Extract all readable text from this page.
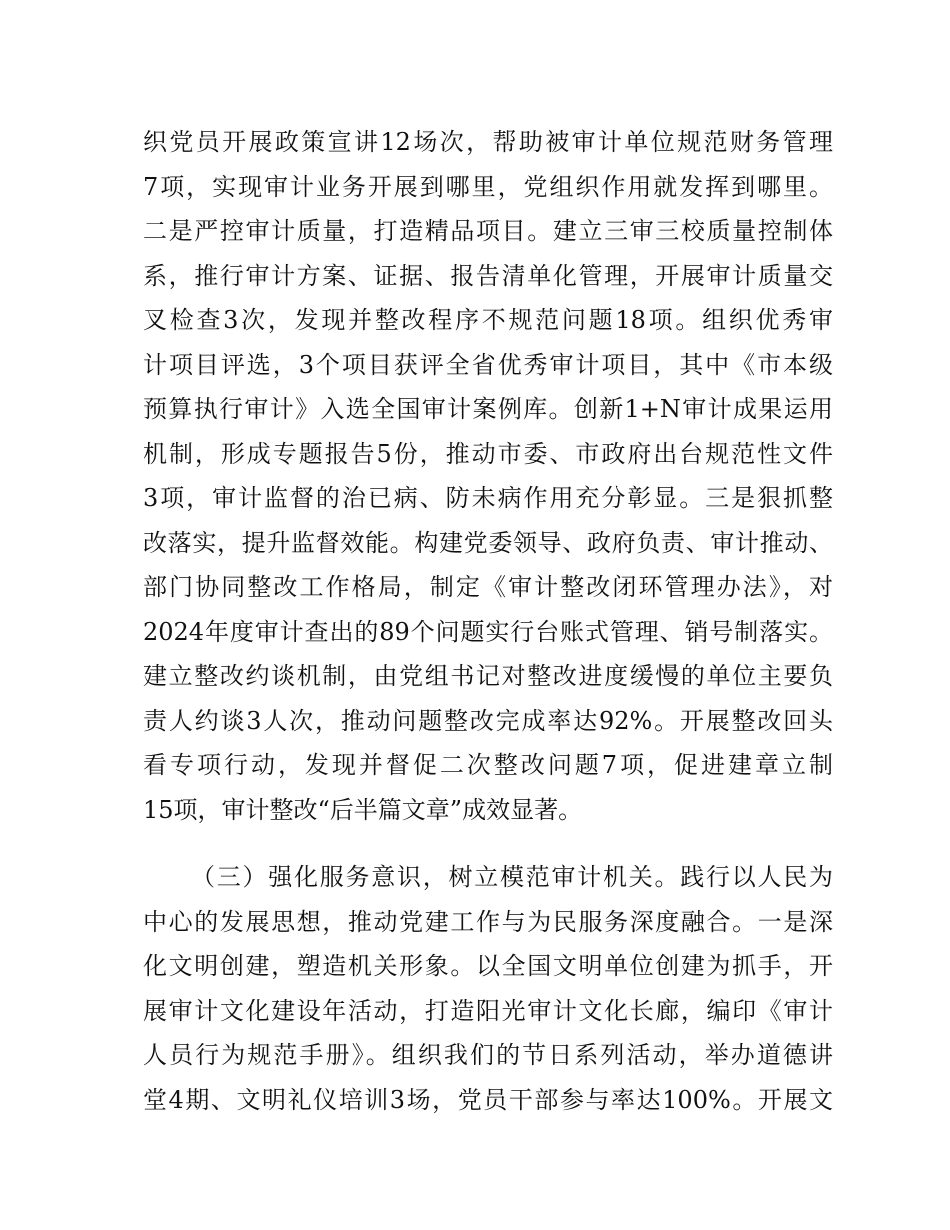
织党员开展政策宣讲12场次，帮助被审计单位规范财务管理
7项，实现审计业务开展到哪里，党组织作用就发挥到哪里。
二是严控审计质量，打造精品项目。建立三审三校质量控制体
系，推行审计方案、证据、报告清单化管理，开展审计质量交
叉检查3次，发现并整改程序不规范问题18项。组织优秀审
计项目评选，3个项目获评全省优秀审计项目，其中《市本级
预算执行审计》入选全国审计案例库。创新1+N审计成果运用
机制，形成专题报告5份，推动市委、市政府出台规范性文件
3项，审计监督的治已病、防未病作用充分彰显。三是狠抓整
改落实，提升监督效能。构建党委领导、政府负责、审计推动、
部门协同整改工作格局，制定《审计整改闭环管理办法》，对
2024年度审计查出的89个问题实行台账式管理、销号制落实。
建立整改约谈机制，由党组书记对整改进度缓慢的单位主要负
责人约谈3人次，推动问题整改完成率达92%。开展整改回头
看专项行动，发现并督促二次整改问题7项，促进建章立制
15项，审计整改“后半篇文章”成效显著。
（三）强化服务意识，树立模范审计机关。践行以人民为
中心的发展思想，推动党建工作与为民服务深度融合。一是深
化文明创建，塑造机关形象。以全国文明单位创建为抓手，开
展审计文化建设年活动，打造阳光审计文化长廊，编印《审计
人员行为规范手册》。组织我们的节日系列活动，举办道德讲
堂4期、文明礼仪培训3场，党员干部参与率达100%。开展文
